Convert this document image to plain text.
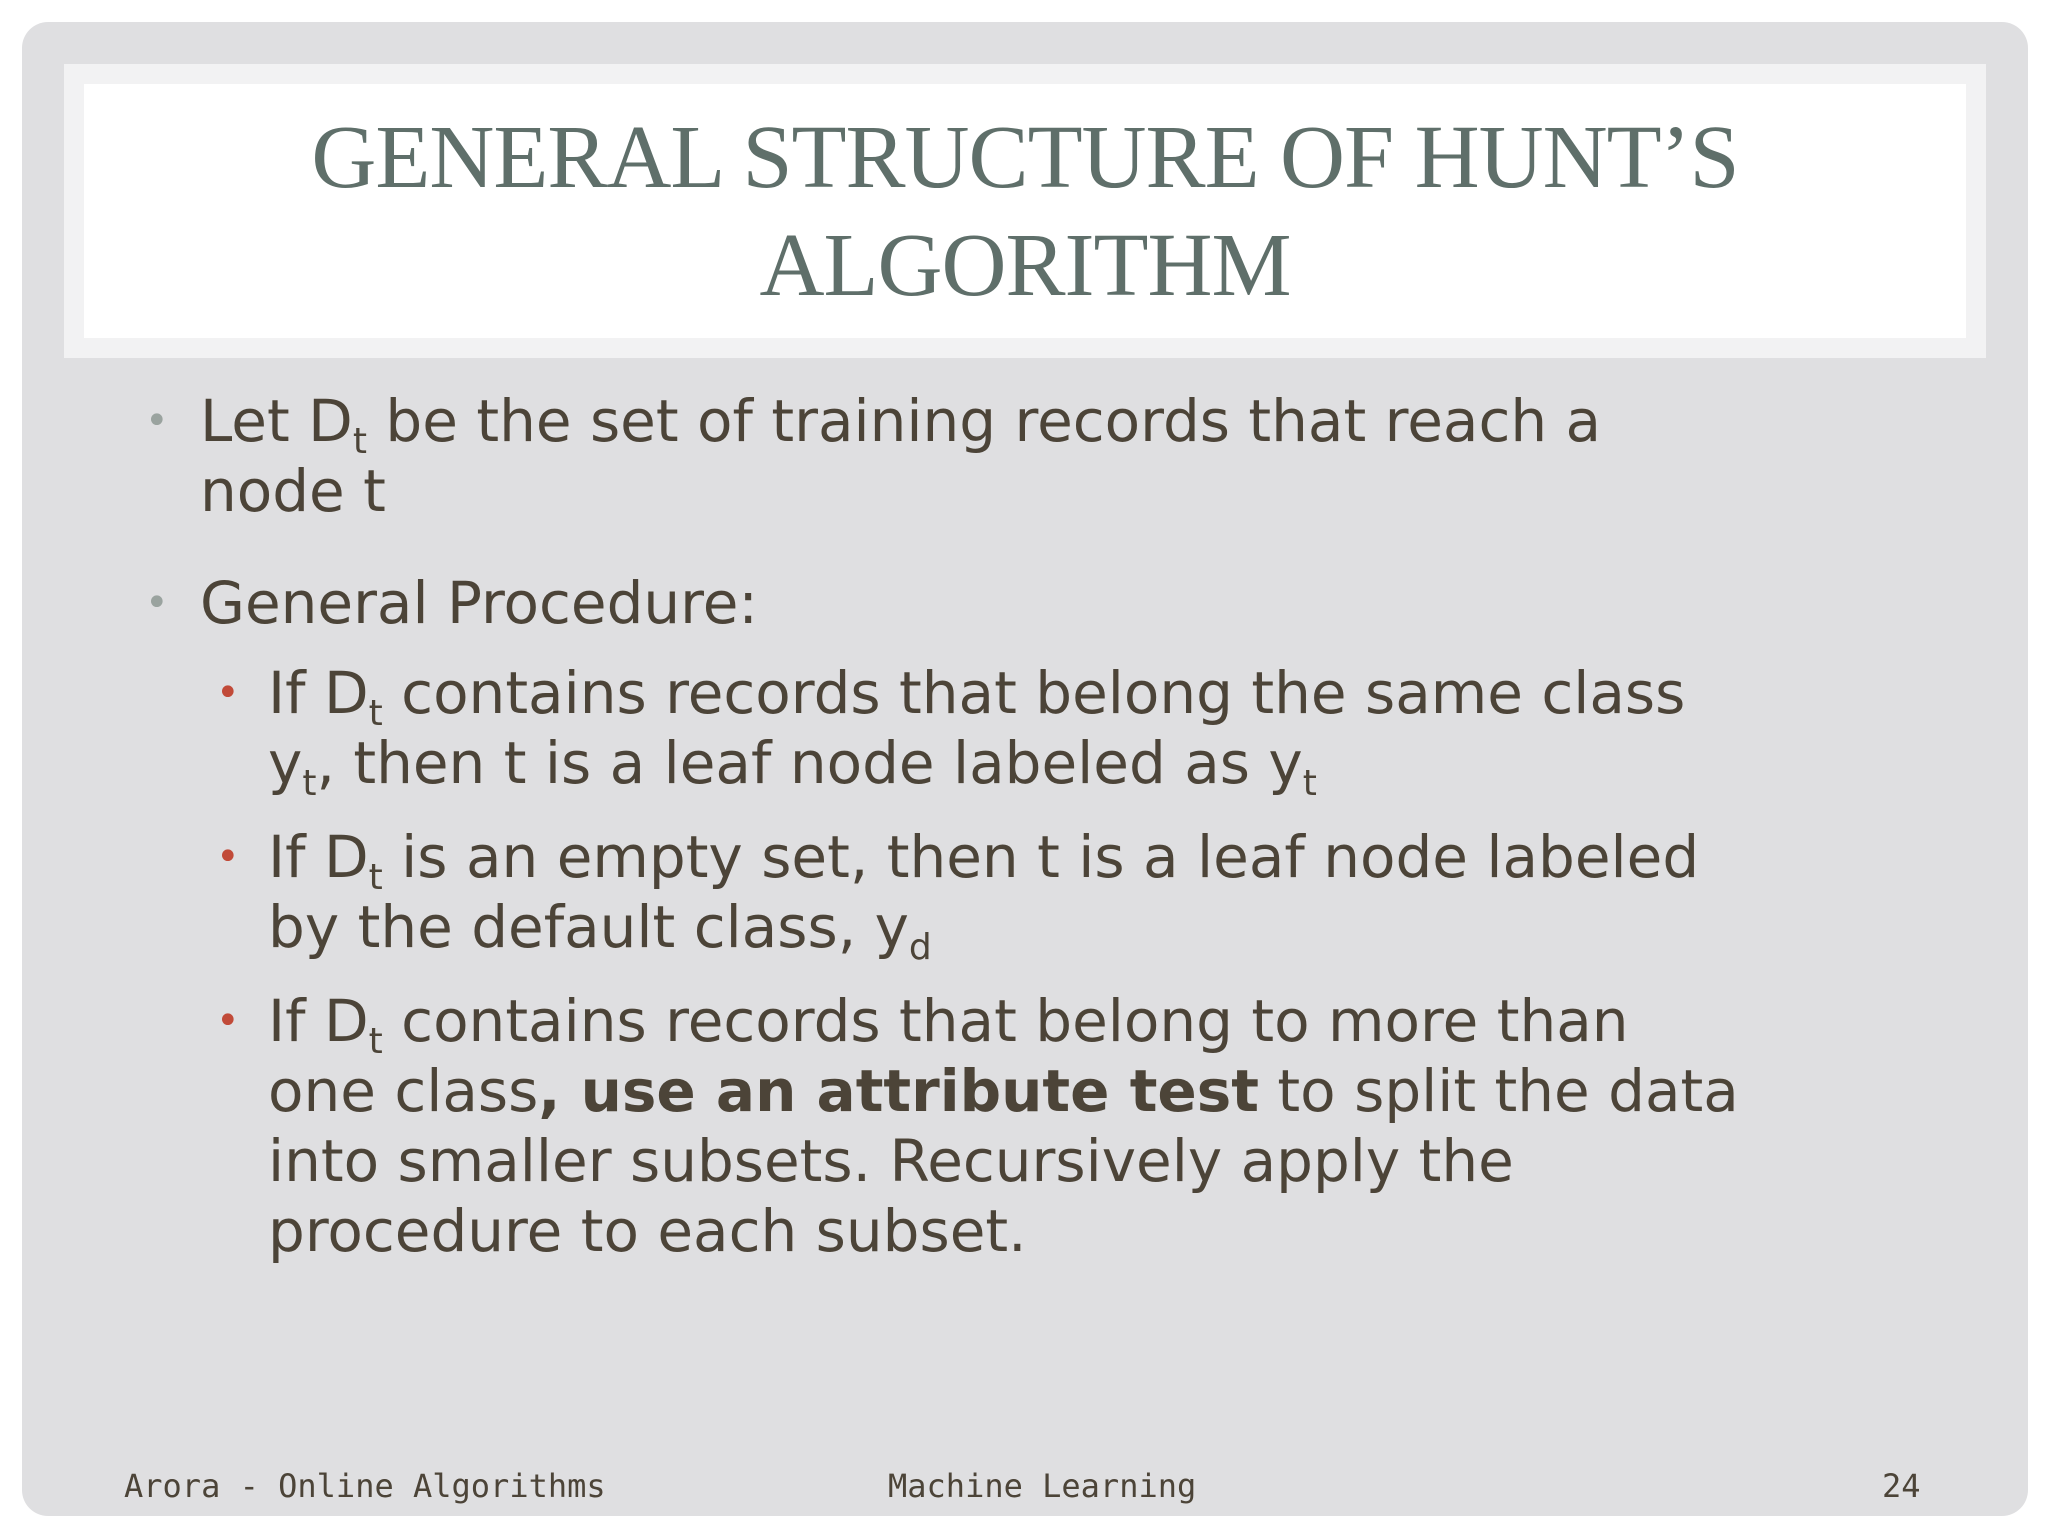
GENERAL STRUCTURE OF HUNT’S
ALGORITHM
• Let $D_t$ be the set of training records that reach a
node t
• General Procedure:
• If $D_t$ contains records that belong the same class
$y_t$, then t is a leaf node labeled as $y_t$
• If $D_t$ is an empty set, then t is a leaf node labeled
by the default class, $y_d$
• If $D_t$ contains records that belong to more than
one class, use an attribute test to split the data
into smaller subsets. Recursively apply the
procedure to each subset.
Arora - Online Algorithms	Machine Learning	24
